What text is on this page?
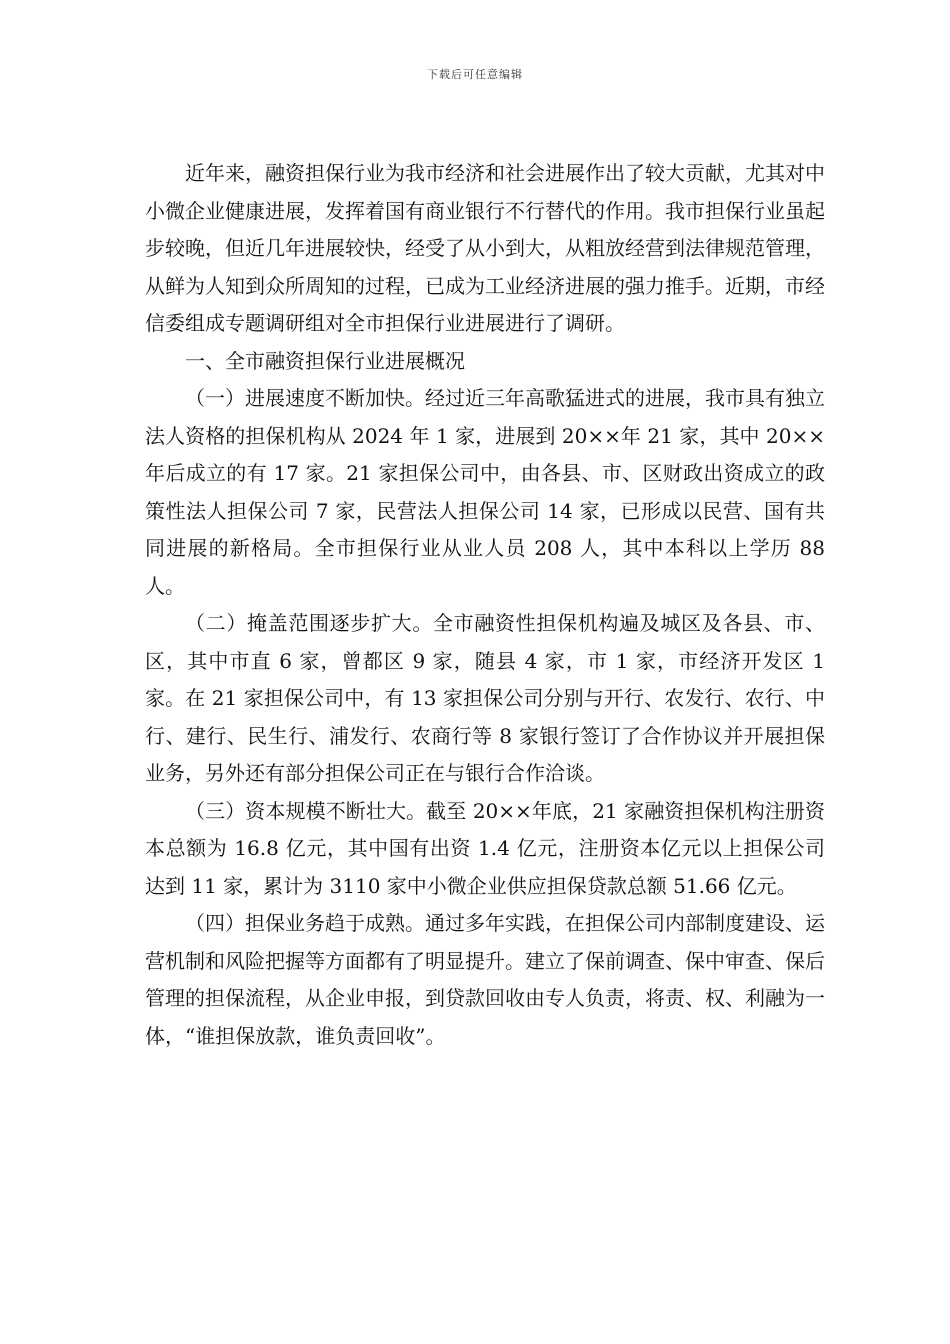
下载后可任意编辑

近年来，融资担保行业为我市经济和社会进展作出了较大贡献，尤其对中小微企业健康进展，发挥着国有商业银行不行替代的作用。我市担保行业虽起步较晚，但近几年进展较快，经受了从小到大，从粗放经营到法律规范管理，从鲜为人知到众所周知的过程，已成为工业经济进展的强力推手。近期，市经信委组成专题调研组对全市担保行业进展进行了调研。

一、全市融资担保行业进展概况

（一）进展速度不断加快。经过近三年高歌猛进式的进展，我市具有独立法人资格的担保机构从 2024 年 1 家，进展到 20××年 21 家，其中 20××年后成立的有 17 家。21 家担保公司中，由各县、市、区财政出资成立的政策性法人担保公司 7 家，民营法人担保公司 14 家，已形成以民营、国有共同进展的新格局。全市担保行业从业人员 208 人，其中本科以上学历 88 人。

（二）掩盖范围逐步扩大。全市融资性担保机构遍及城区及各县、市、区，其中市直 6 家，曾都区 9 家，随县 4 家，市 1 家，市经济开发区 1 家。在 21 家担保公司中，有 13 家担保公司分别与开行、农发行、农行、中行、建行、民生行、浦发行、农商行等 8 家银行签订了合作协议并开展担保业务，另外还有部分担保公司正在与银行合作洽谈。

（三）资本规模不断壮大。截至 20××年底，21 家融资担保机构注册资本总额为 16.8 亿元，其中国有出资 1.4 亿元，注册资本亿元以上担保公司达到 11 家，累计为 3110 家中小微企业供应担保贷款总额 51.66 亿元。

（四）担保业务趋于成熟。通过多年实践，在担保公司内部制度建设、运营机制和风险把握等方面都有了明显提升。建立了保前调查、保中审查、保后管理的担保流程，从企业申报，到贷款回收由专人负责，将责、权、利融为一体，“谁担保放款，谁负责回收”。
